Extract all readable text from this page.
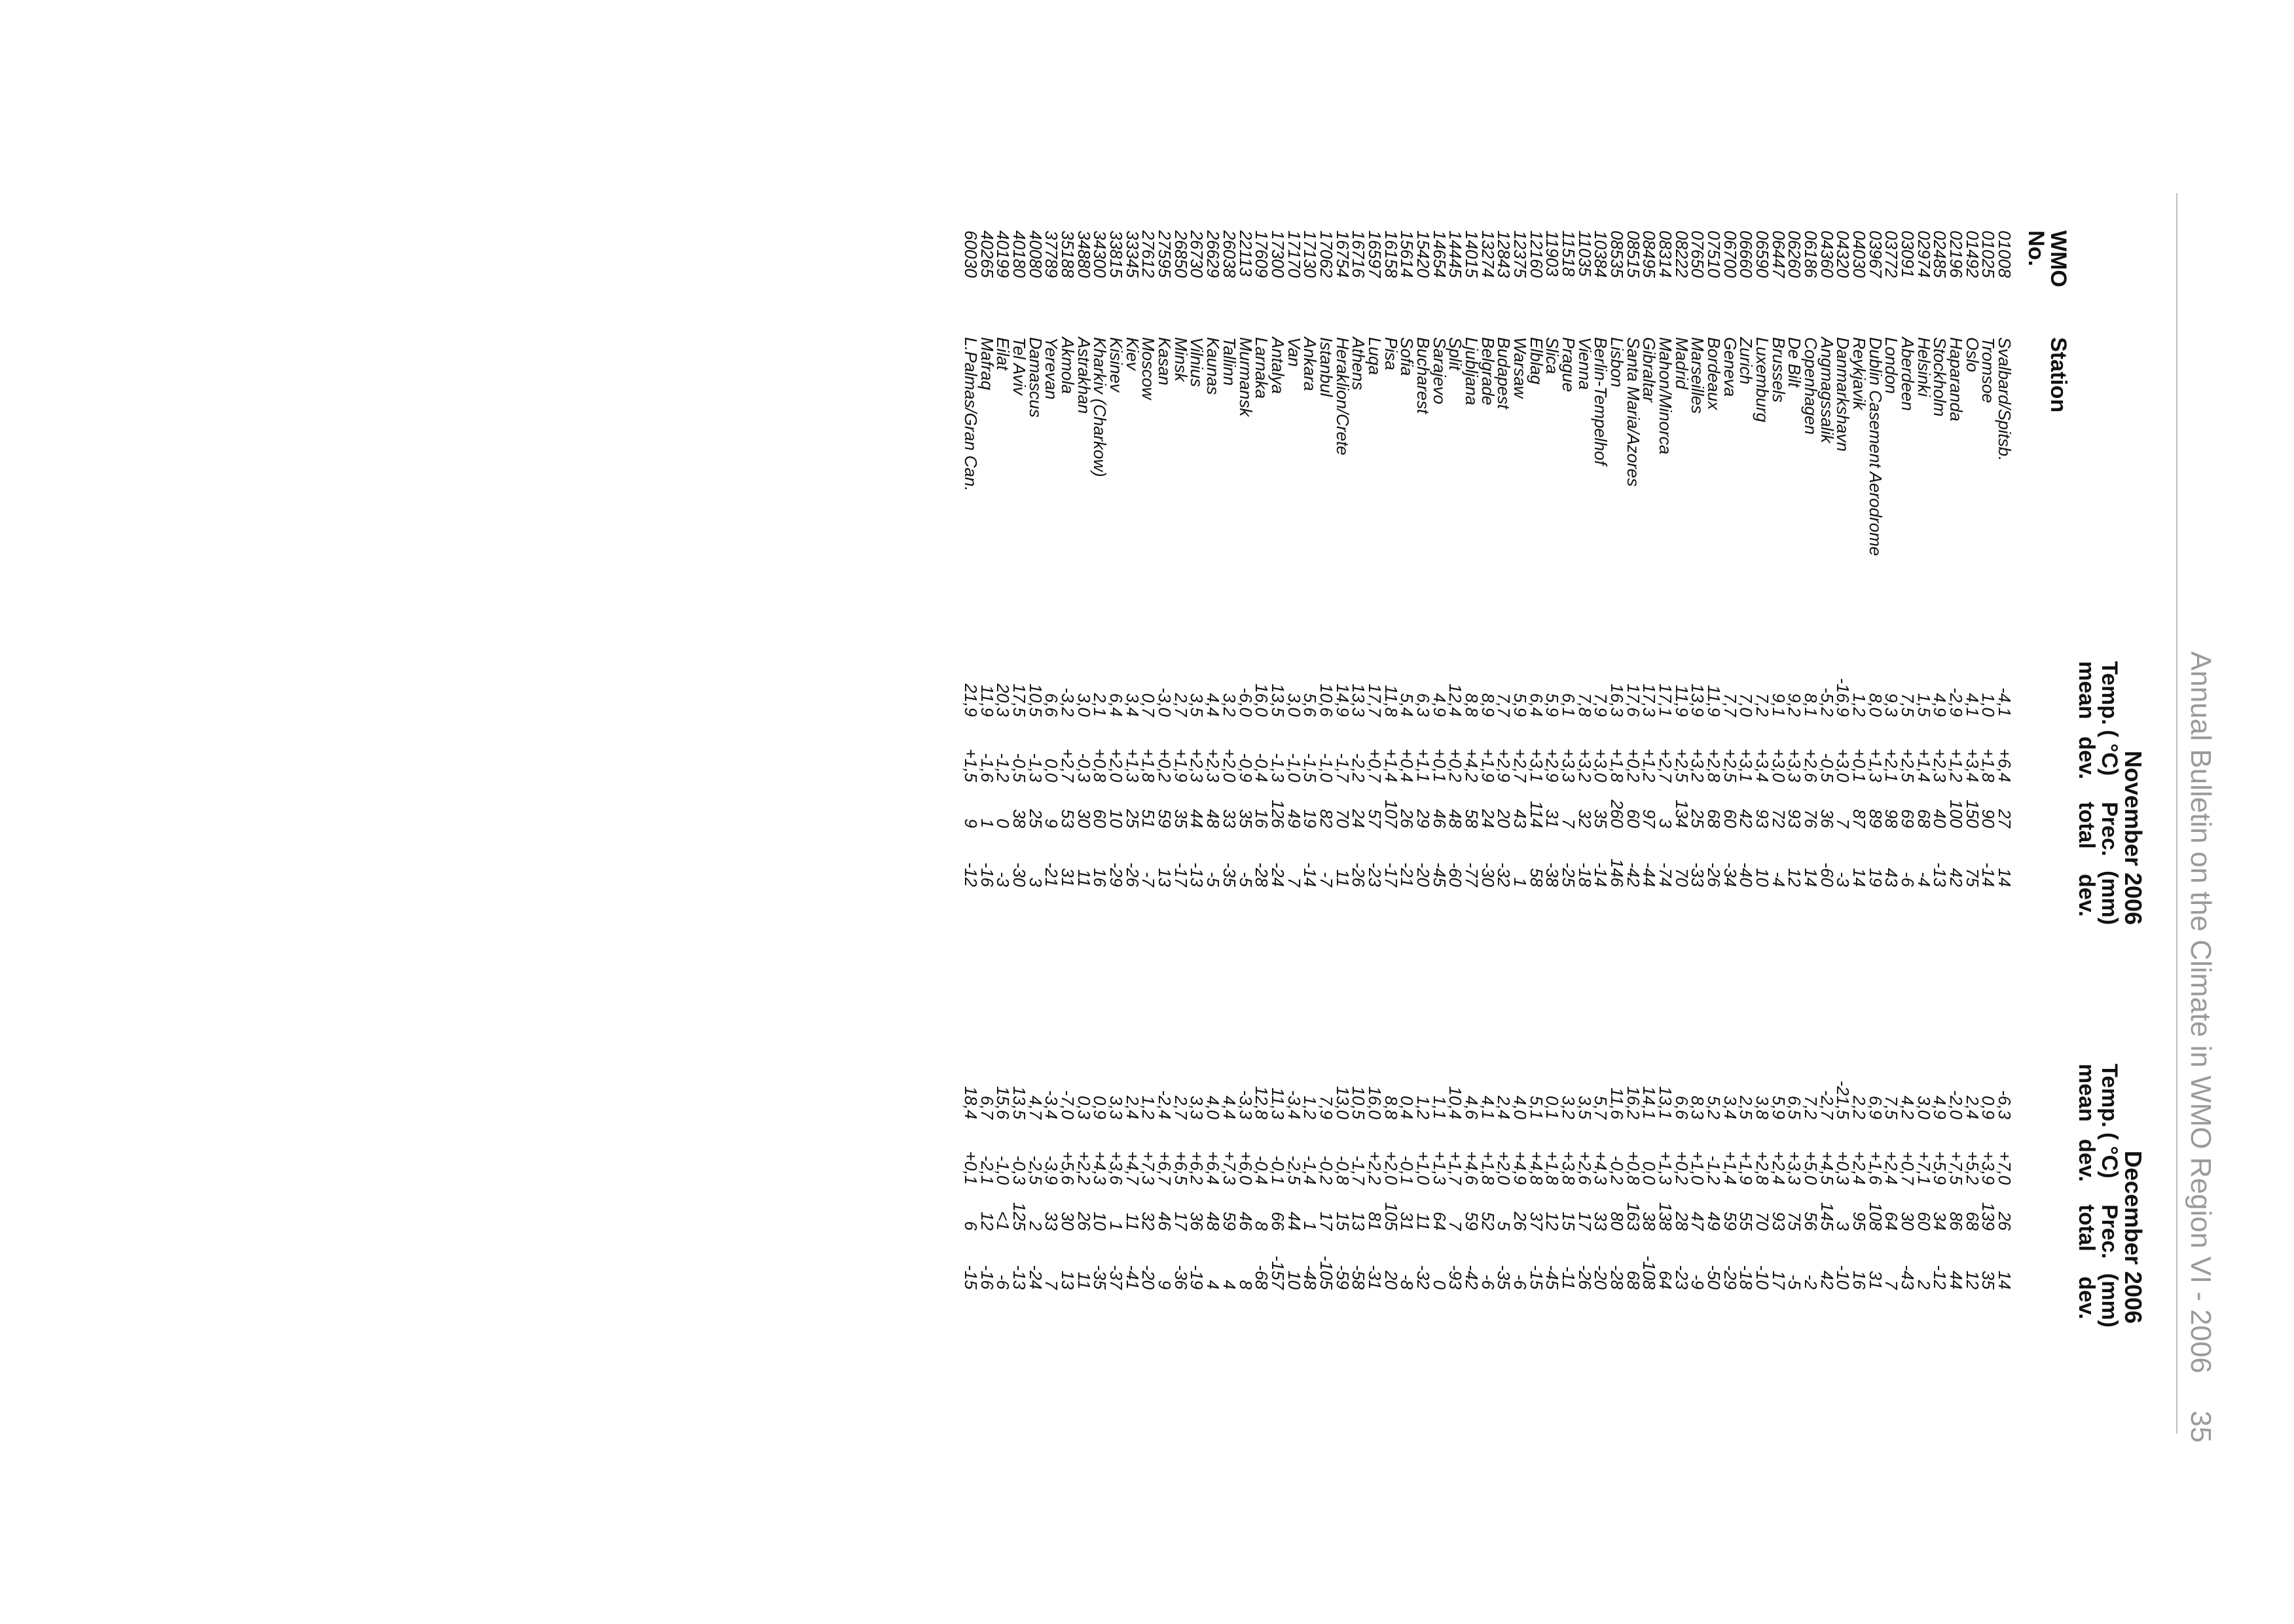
Annual Bulletin on the Climate in WMO Region VI - 2006
35
WMO
No.
Station
November 2006
Temp.
( °C)
Prec.
(mm)
mean
dev.
total
dev.
December 2006
Temp.
( °C)
Prec.
(mm)
mean
dev.
total
dev.
01008
Svalbard/Spitsb.
-4,1
+6,4
27
14
-6,3
+7,0
26
14
01025
Tromsoe
1,0
+1,8
90
-14
0,9
+3,9
139
35
01492
Oslo
4,1
+3,4
150
75
2,4
+5,2
68
12
02196
Haparanda
-2,9
+1,2
100
42
-2,0
+7,5
86
44
02485
Stockholm
4,9
+2,3
40
-13
4,9
+5,9
34
-12
02974
Helsinki
1,5
+1,4
68
-4
3,0
+7,1
60
2
03091
Aberdeen
7,5
+2,5
69
-6
4,2
+0,7
30
-43
03772
London
9,3
+2,1
98
43
7,5
+2,4
64
7
03967
Dublin Casement Aerodrome
8,0
+1,3
89
19
6,9
+1,6
108
31
04030
Reykjavik
1,2
+0,1
87
14
2,2
+2,4
95
16
04320
Danmarkshavn
-16,9
+3,0
7
-3
-21,5
+0,3
3
-10
04360
Angmagssalik
-5,2
-0,5
36
-60
-2,7
+4,5
145
42
06186
Copenhagen
8,1
+2,6
76
14
7,2
+5,0
56
-2
06260
De Bilt
9,2
+3,3
93
12
6,5
+3,3
75
-5
06447
Brussels
9,1
+3,0
72
-4
5,9
+2,4
93
17
06590
Luxemburg
7,2
+3,4
93
10
3,8
+2,8
70
-10
06660
Zurich
7,0
+3,1
42
-40
2,5
+1,9
55
-18
06700
Geneva
7,7
+2,5
60
-34
3,4
+1,4
59
-29
07510
Bordeaux
11,9
+2,8
68
-26
5,2
-1,2
49
-50
07650
Marseilles
13,9
+3,2
25
-33
8,3
+1,0
47
-9
08222
Madrid
11,9
+2,5
134
70
6,6
+0,2
28
-23
08314
Mahon/Minorca
17,1
+2,7
3
-74
13,1
+1,3
138
64
08495
Gibraltar
17,3
+1,2
97
-44
14,1
0,0
38
-108
08515
Santa Maria/Azores
17,6
+0,2
60
-42
16,2
+0,8
163
68
08535
Lisbon
16,3
+1,8
260
146
11,6
-0,2
80
-28
10384
Berlin-Tempelhof
7,9
+3,0
35
-14
5,7
+4,3
33
-20
11035
Vienna
7,8
+3,2
32
-18
3,5
+2,6
17
-26
11518
Prague
6,1
+3,3
7
-25
3,2
+3,8
15
-11
11903
Slica
5,9
+2,9
31
-38
0,1
+1,8
12
-45
12160
Elblag
6,4
+3,1
114
58
5,1
+4,8
37
-15
12375
Warsaw
5,9
+2,7
43
1
4,0
+4,9
26
-6
12843
Budapest
7,7
+2,9
20
-32
2,4
+2,0
5
-35
13274
Belgrade
8,9
+1,9
24
-30
4,1
+1,8
52
-6
14015
Ljubljana
8,8
+4,2
58
-77
4,6
+4,6
59
-42
14445
Split
12,4
+0,2
48
-60
10,4
+1,7
7
-93
14654
Sarajevo
4,9
+0,1
46
-45
1,1
+1,3
64
0
15420
Bucharest
6,3
+1,1
29
-20
1,2
+1,0
11
-32
15614
Sofia
5,4
+0,4
26
-21
0,4
-0,1
31
-8
16158
Pisa
11,8
+1,4
107
-17
8,8
+2,0
105
20
16597
Luqa
17,7
+0,7
57
-23
16,0
+2,2
81
-31
16716
Athens
13,3
-2,2
24
-26
10,5
-1,7
13
-58
16754
Heraklion/Crete
14,9
-1,7
70
11
13,0
-0,8
15
-59
17062
Istanbul
10,6
-1,0
82
-7
7,9
-0,2
17
-105
17130
Ankara
5,6
-1,5
19
-14
1,2
-1,4
1
-48
17170
Van
3,0
-1,0
49
7
-3,4
-2,5
44
10
17300
Antalya
13,5
-1,3
126
-24
11,3
-0,1
66
-157
17609
Larnaka
16,0
-0,4
16
-28
12,8
-0,4
8
-68
22113
Murmansk
-6,0
-0,9
35
-5
-3,3
+6,0
46
8
26038
Tallinn
3,2
+2,0
33
-35
4,4
+7,3
59
4
26629
Kaunas
4,4
+2,3
48
-5
4,0
+6,4
48
4
26730
Vilnius
3,5
+2,3
44
-13
3,3
+6,2
36
-19
26850
Minsk
2,7
+1,9
35
-17
2,7
+6,5
17
-36
27595
Kasan
-3,0
+0,2
59
13
-2,4
+6,7
46
9
27612
Moscow
0,7
+1,8
51
-7
1,2
+7,3
32
-20
33345
Kiev
3,4
+1,3
25
-26
2,4
+4,7
11
-41
33815
Kisinev
6,4
+2,0
10
-29
3,3
+3,6
1
-37
34300
Kharkiv (Charkow)
2,1
+0,8
60
16
0,9
+4,3
10
-35
34880
Astrakhan
3,0
-0,3
30
11
0,3
+2,2
26
11
35188
Akmola
-3,2
+2,7
53
31
-7,0
+5,6
30
13
37789
Yerevan
6,6
0,0
9
-21
-3,4
-3,9
33
7
40080
Damascus
10,5
-1,3
25
3
4,7
-2,5
2
-24
40180
Tel Aviv
17,5
-0,5
38
-30
13,5
-0,3
125
-13
40199
Eilat
20,3
-1,2
0
-3
15,6
-1,0
<1
-6
40265
Mafraq
11,9
-1,6
1
-16
6,7
-2,1
12
-16
60030
L.Palmas/Gran Can.
21,9
+1,5
9
-12
18,4
+0,1
6
-15
